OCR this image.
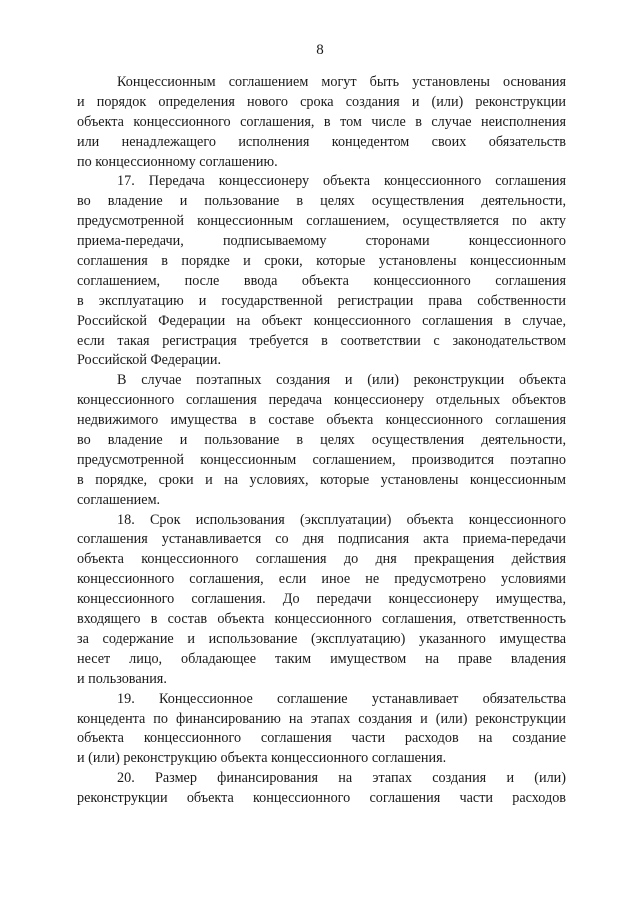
8
Концессионным соглашением могут быть установлены основания
и порядок определения нового срока создания и (или) реконструкции
объекта концессионного соглашения, в том числе в случае неисполнения
или ненадлежащего исполнения концедентом своих обязательств
по концессионному соглашению.
17. Передача концессионеру объекта концессионного соглашения
во владение и пользование в целях осуществления деятельности,
предусмотренной концессионным соглашением, осуществляется по акту
приема-передачи, подписываемому сторонами концессионного
соглашения в порядке и сроки, которые установлены концессионным
соглашением, после ввода объекта концессионного соглашения
в эксплуатацию и государственной регистрации права собственности
Российской Федерации на объект концессионного соглашения в случае,
если такая регистрация требуется в соответствии с законодательством
Российской Федерации.
В случае поэтапных создания и (или) реконструкции объекта
концессионного соглашения передача концессионеру отдельных объектов
недвижимого имущества в составе объекта концессионного соглашения
во владение и пользование в целях осуществления деятельности,
предусмотренной концессионным соглашением, производится поэтапно
в порядке, сроки и на условиях, которые установлены концессионным
соглашением.
18. Срок использования (эксплуатации) объекта концессионного
соглашения устанавливается со дня подписания акта приема-передачи
объекта концессионного соглашения до дня прекращения действия
концессионного соглашения, если иное не предусмотрено условиями
концессионного соглашения. До передачи концессионеру имущества,
входящего в состав объекта концессионного соглашения, ответственность
за содержание и использование (эксплуатацию) указанного имущества
несет лицо, обладающее таким имуществом на праве владения
и пользования.
19. Концессионное соглашение устанавливает обязательства
концедента по финансированию на этапах создания и (или) реконструкции
объекта концессионного соглашения части расходов на создание
и (или) реконструкцию объекта концессионного соглашения.
20. Размер финансирования на этапах создания и (или)
реконструкции объекта концессионного соглашения части расходов
